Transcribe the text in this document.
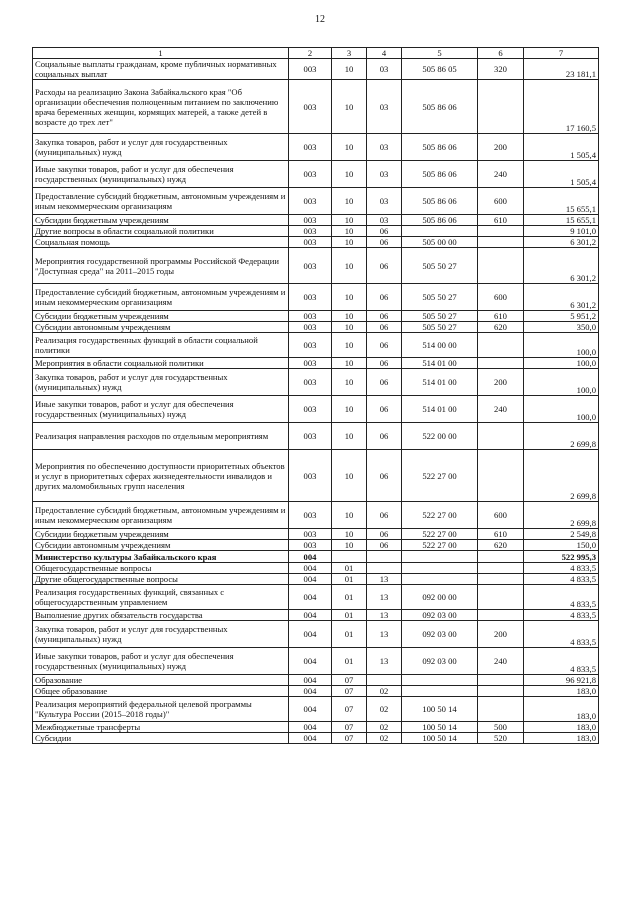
12
1	2	3	4	5	6	7
Социальные выплаты гражданам, кроме публичных нормативных социальных выплат	003	10	03	505 86 05	320	23 181,1
Расходы на реализацию Закона Забайкальского края "Об организации обеспечения полноценным питанием по заключению врача беременных женщин, кормящих матерей, а также детей в возрасте до трех лет"	003	10	03	505 86 06		17 160,5
Закупка товаров, работ и услуг для государственных (муниципальных) нужд	003	10	03	505 86 06	200	1 505,4
Иные закупки товаров, работ и услуг для обеспечения государственных (муниципальных) нужд	003	10	03	505 86 06	240	1 505,4
Предоставление субсидий бюджетным, автономным учреждениям и иным некоммерческим организациям	003	10	03	505 86 06	600	15 655,1
Субсидии бюджетным учреждениям	003	10	03	505 86 06	610	15 655,1
Другие вопросы в области социальной политики	003	10	06			9 101,0
Социальная помощь	003	10	06	505 00 00		6 301,2
Мероприятия государственной программы Российской Федерации "Доступная среда" на 2011–2015 годы	003	10	06	505 50 27		6 301,2
Предоставление субсидий бюджетным, автономным учреждениям и иным некоммерческим организациям	003	10	06	505 50 27	600	6 301,2
Субсидии бюджетным учреждениям	003	10	06	505 50 27	610	5 951,2
Субсидии автономным учреждениям	003	10	06	505 50 27	620	350,0
Реализация государственных функций в области социальной политики	003	10	06	514 00 00		100,0
Мероприятия в области социальной политики	003	10	06	514 01 00		100,0
Закупка товаров, работ и услуг для государственных (муниципальных) нужд	003	10	06	514 01 00	200	100,0
Иные закупки товаров, работ и услуг для обеспечения государственных (муниципальных) нужд	003	10	06	514 01 00	240	100,0
Реализация направления расходов по отдельным мероприятиям	003	10	06	522 00 00		2 699,8
Мероприятия по обеспечению доступности приоритетных объектов и услуг в приоритетных сферах жизнедеятельности инвалидов и других маломобильных групп населения	003	10	06	522 27 00		2 699,8
Предоставление субсидий бюджетным, автономным учреждениям и иным некоммерческим организациям	003	10	06	522 27 00	600	2 699,8
Субсидии бюджетным учреждениям	003	10	06	522 27 00	610	2 549,8
Субсидии автономным учреждениям	003	10	06	522 27 00	620	150,0
Министерство культуры Забайкальского края	004					522 995,3
Общегосударственные вопросы	004	01				4 833,5
Другие общегосударственные вопросы	004	01	13			4 833,5
Реализация государственных функций, связанных с общегосударственным управлением	004	01	13	092 00 00		4 833,5
Выполнение других обязательств государства	004	01	13	092 03 00		4 833,5
Закупка товаров, работ и услуг для государственных (муниципальных) нужд	004	01	13	092 03 00	200	4 833,5
Иные закупки товаров, работ и услуг для обеспечения государственных (муниципальных) нужд	004	01	13	092 03 00	240	4 833,5
Образование	004	07				96 921,8
Общее образование	004	07	02			183,0
Реализация мероприятий федеральной целевой программы "Культура России (2015–2018 годы)"	004	07	02	100 50 14		183,0
Межбюджетные трансферты	004	07	02	100 50 14	500	183,0
Субсидии	004	07	02	100 50 14	520	183,0
